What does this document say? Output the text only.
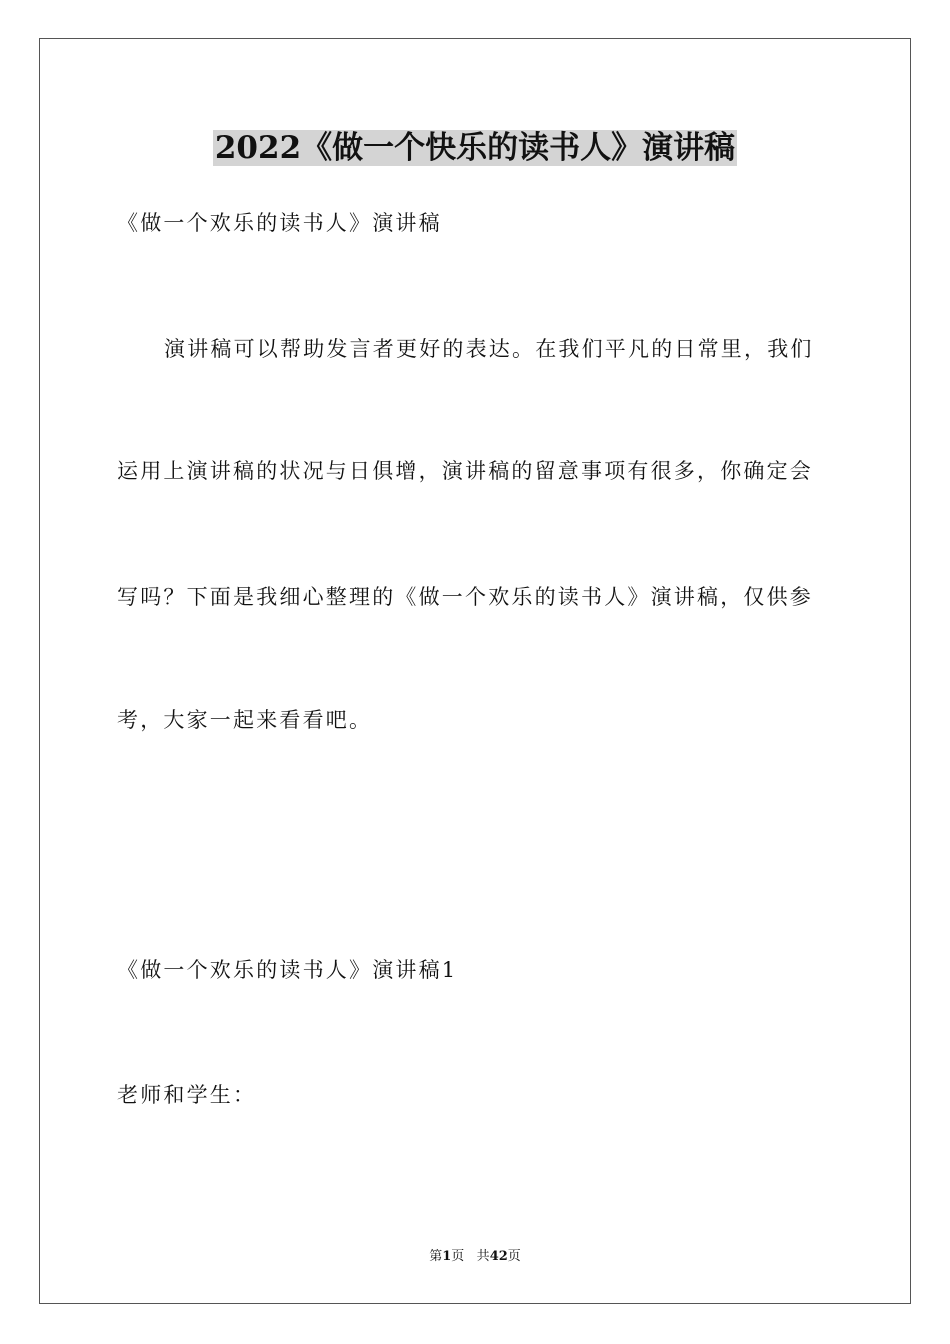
2022《做一个快乐的读书人》演讲稿

《做一个欢乐的读书人》演讲稿

演讲稿可以帮助发言者更好的表达。在我们平凡的日常里，我们

运用上演讲稿的状况与日俱增，演讲稿的留意事项有很多，你确定会

写吗？下面是我细心整理的《做一个欢乐的读书人》演讲稿，仅供参

考，大家一起来看看吧。

《做一个欢乐的读书人》演讲稿1

老师和学生：

第1页 共42页
